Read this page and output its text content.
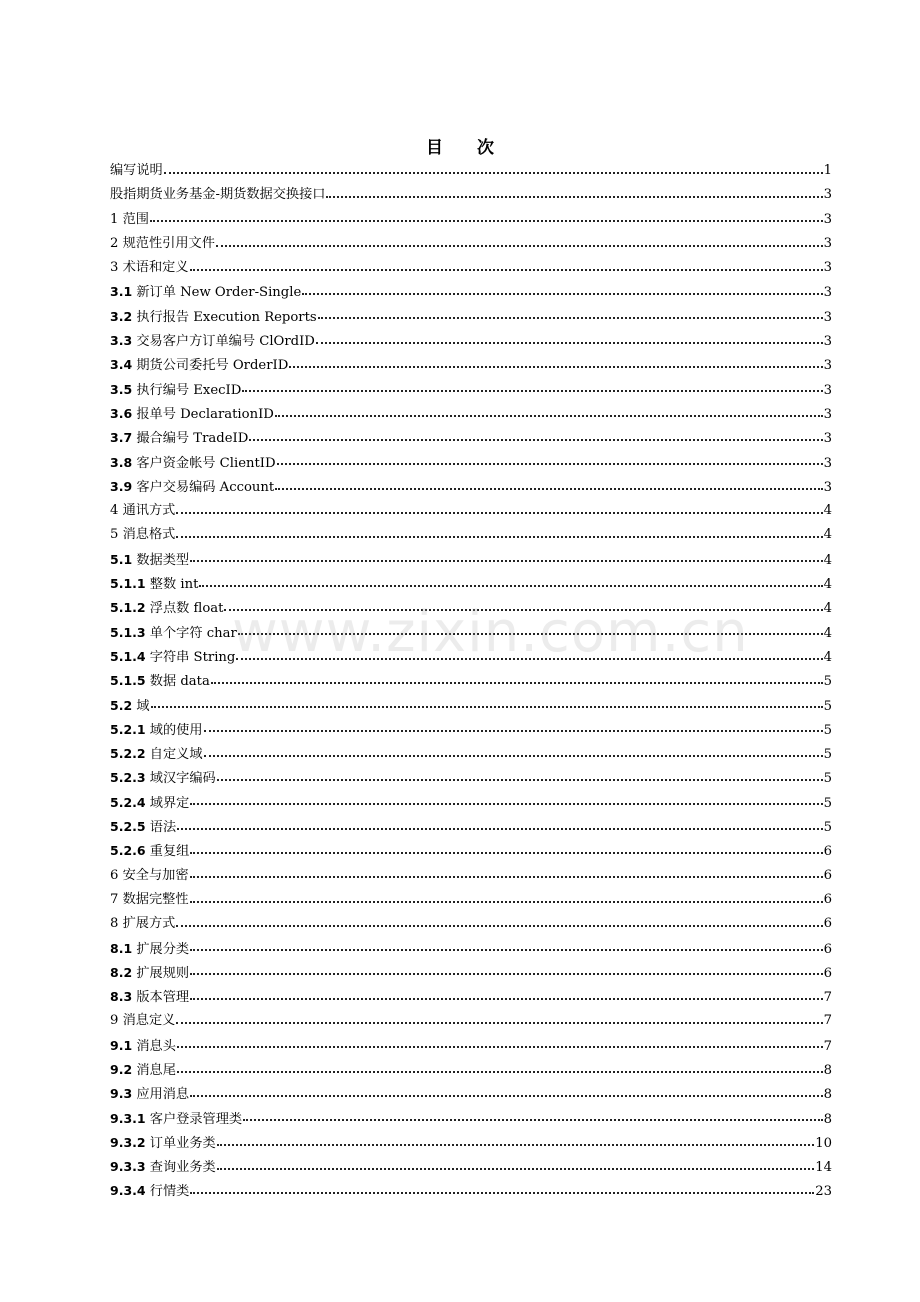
目 次
编写说明	1
股指期货业务基金-期货数据交换接口	3
1 范围	3
2 规范性引用文件	3
3 术语和定义	3
3.1 新订单 New Order-Single	3
3.2 执行报告 Execution Reports	3
3.3 交易客户方订单编号 ClOrdID	3
3.4 期货公司委托号 OrderID	3
3.5 执行编号 ExecID	3
3.6 报单号 DeclarationID	3
3.7 撮合编号 TradeID	3
3.8 客户资金帐号 ClientID	3
3.9 客户交易编码 Account	3
4 通讯方式	4
5 消息格式	4
5.1 数据类型	4
5.1.1 整数 int	4
5.1.2 浮点数 float	4
5.1.3 单个字符 char	4
5.1.4 字符串 String	4
5.1.5 数据 data	5
5.2 域	5
5.2.1 域的使用	5
5.2.2 自定义域	5
5.2.3 域汉字编码	5
5.2.4 域界定	5
5.2.5 语法	5
5.2.6 重复组	6
6 安全与加密	6
7 数据完整性	6
8 扩展方式	6
8.1 扩展分类	6
8.2 扩展规则	6
8.3 版本管理	7
9 消息定义	7
9.1 消息头	7
9.2 消息尾	8
9.3 应用消息	8
9.3.1 客户登录管理类	8
9.3.2 订单业务类	10
9.3.3 查询业务类	14
9.3.4 行情类	23
www.zixin.com.cn
